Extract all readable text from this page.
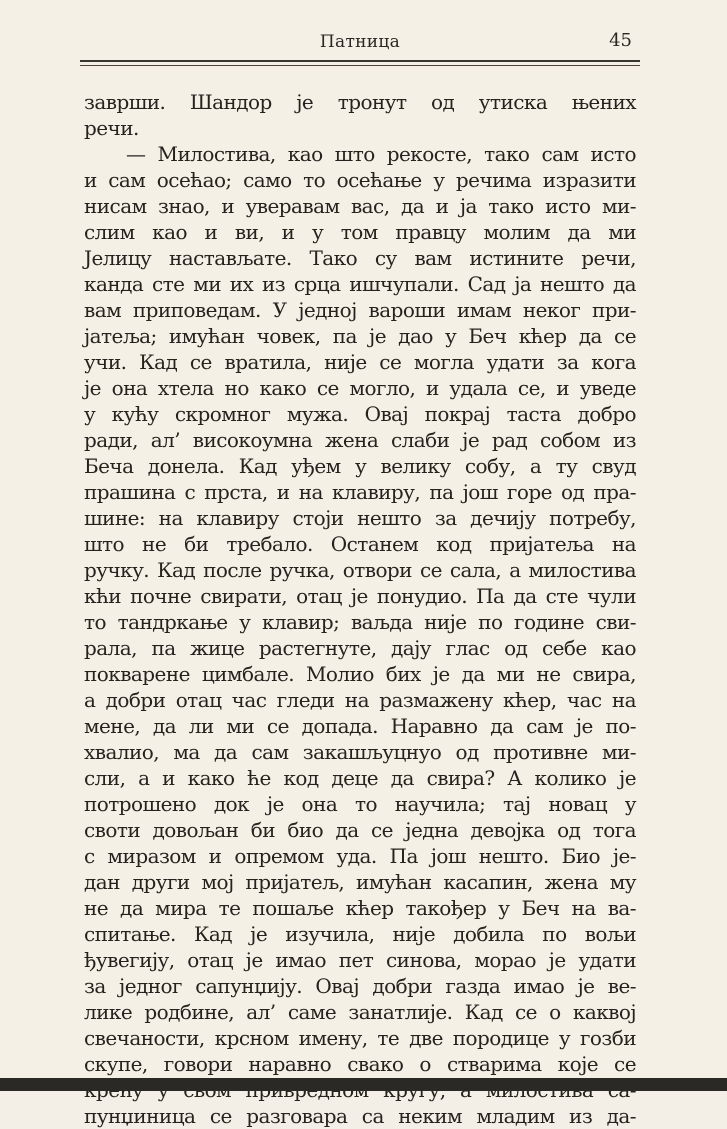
Патница	45
заврши. Шандор је тронут од утиска њених
речи.
— Милостива, као што рекосте, тако сам исто
и сам осећао; само то осећање у речима изразити
нисам знао, и уверавам вас, да и ја тако исто ми-
слим као и ви, и у том правцу молим да ми
Јелицу настављате. Тако су вам истините речи,
канда сте ми их из срца ишчупали. Сад ја нешто да
вам приповедам. У једној вароши имам неког при-
јатеља; имућан човек, па је дао у Беч кћер да се
учи. Кад се вратила, није се могла удати за кога
је она хтела но како се могло, и удала се, и уведе
у кућу скромног мужа. Овај покрај таста добро
ради, ал’ високоумна жена слаби је рад собом из
Беча донела. Кад уђем у велику собу, а ту свуд
прашина с прста, и на клавиру, па још горе од пра-
шине: на клавиру стоји нешто за дечију потребу,
што не би требало. Останем код пријатеља на
ручку. Кад после ручка, отвори се сала, а милостива
кћи почне свирати, отац је понудио. Па да сте чули
то тандркање у клавир; ваљда није по године сви-
рала, па жице растегнуте, дају глас од себе као
покварене цимбале. Молио бих је да ми не свира,
а добри отац час гледи на размажену кћер, час на
мене, да ли ми се допада. Наравно да сам је по-
хвалио, ма да сам закашљуцнуо од противне ми-
сли, а и како ће код деце да свира? А колико је
потрошено док је она то научила; тај новац у
своти довољан би био да се једна девојка од тога
с миразом и опремом уда. Па још нешто. Био је-
дан други мој пријатељ, имућан касапин, жена му
не да мира те пошаље кћер такођер у Беч на ва-
спитање. Кад је изучила, није добила по вољи
ђувегију, отац је имао пет синова, морао је удати
за једног сапунџију. Овај добри газда имао је ве-
лике родбине, ал’ саме занатлије. Кад се о каквој
свечаности, крсном имену, те две породице у гозби
скупе, говори наравно свако о стварима које се
пунџиница се разговара са неким младим из да-
